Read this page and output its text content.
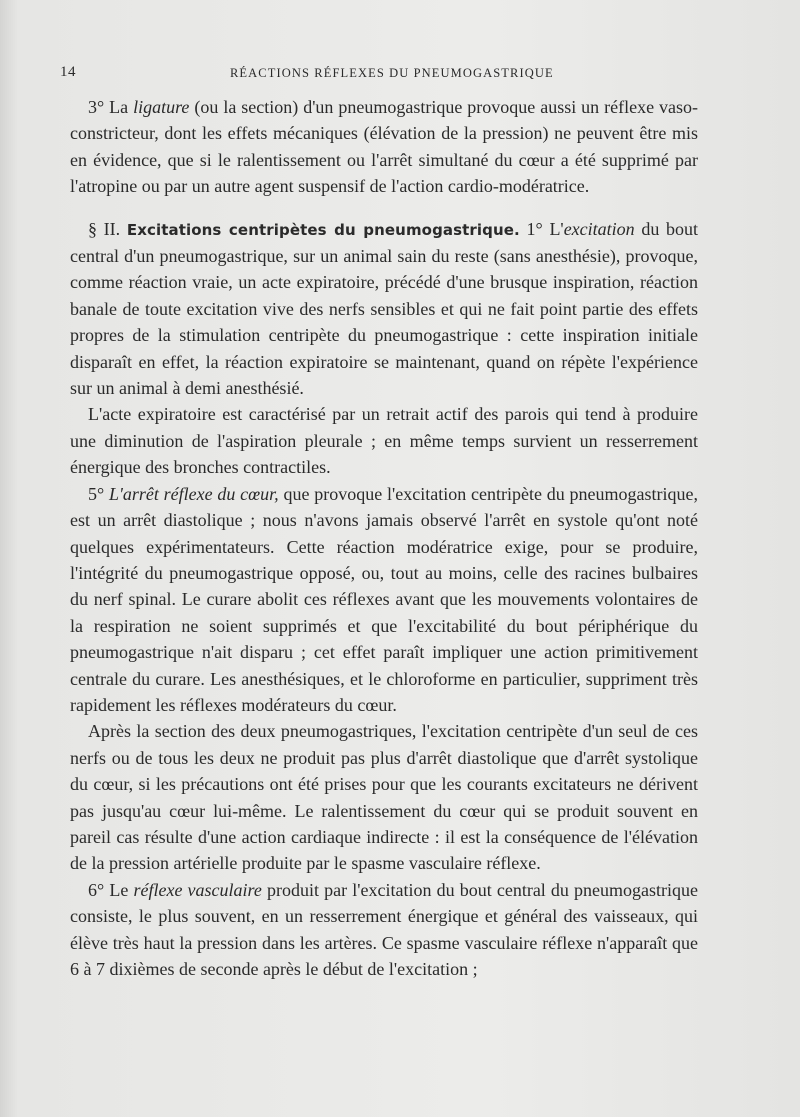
14	RÉACTIONS RÉFLEXES DU PNEUMOGASTRIQUE

3° La ligature (ou la section) d'un pneumogastrique provoque aussi un réflexe vaso-constricteur, dont les effets mécaniques (élévation de la pression) ne peuvent être mis en évidence, que si le ralentissement ou l'arrêt simultané du cœur a été supprimé par l'atropine ou par un autre agent suspensif de l'action cardio-modératrice.

§ II. Excitations centripètes du pneumogastrique. 1° L'excitation du bout central d'un pneumogastrique, sur un animal sain du reste (sans anesthésie), provoque, comme réaction vraie, un acte expiratoire, précédé d'une brusque inspiration, réaction banale de toute excitation vive des nerfs sensibles et qui ne fait point partie des effets propres de la stimulation centripète du pneumogastrique : cette inspiration initiale disparaît en effet, la réaction expiratoire se maintenant, quand on répète l'expérience sur un animal à demi anesthésié.

L'acte expiratoire est caractérisé par un retrait actif des parois qui tend à produire une diminution de l'aspiration pleurale ; en même temps survient un resserrement énergique des bronches contractiles.

5° L'arrêt réflexe du cœur, que provoque l'excitation centripète du pneumogastrique, est un arrêt diastolique ; nous n'avons jamais observé l'arrêt en systole qu'ont noté quelques expérimentateurs. Cette réaction modératrice exige, pour se produire, l'intégrité du pneumogastrique opposé, ou, tout au moins, celle des racines bulbaires du nerf spinal. Le curare abolit ces réflexes avant que les mouvements volontaires de la respiration ne soient supprimés et que l'excitabilité du bout périphérique du pneumogastrique n'ait disparu ; cet effet paraît impliquer une action primitivement centrale du curare. Les anesthésiques, et le chloroforme en particulier, suppriment très rapidement les réflexes modérateurs du cœur.

Après la section des deux pneumogastriques, l'excitation centripète d'un seul de ces nerfs ou de tous les deux ne produit pas plus d'arrêt diastolique que d'arrêt systolique du cœur, si les précautions ont été prises pour que les courants excitateurs ne dérivent pas jusqu'au cœur lui-même. Le ralentissement du cœur qui se produit souvent en pareil cas résulte d'une action cardiaque indirecte : il est la conséquence de l'élévation de la pression artérielle produite par le spasme vasculaire réflexe.

6° Le réflexe vasculaire produit par l'excitation du bout central du pneumogastrique consiste, le plus souvent, en un resserrement énergique et général des vaisseaux, qui élève très haut la pression dans les artères. Ce spasme vasculaire réflexe n'apparaît que 6 à 7 dixièmes de seconde après le début de l'excitation ;
